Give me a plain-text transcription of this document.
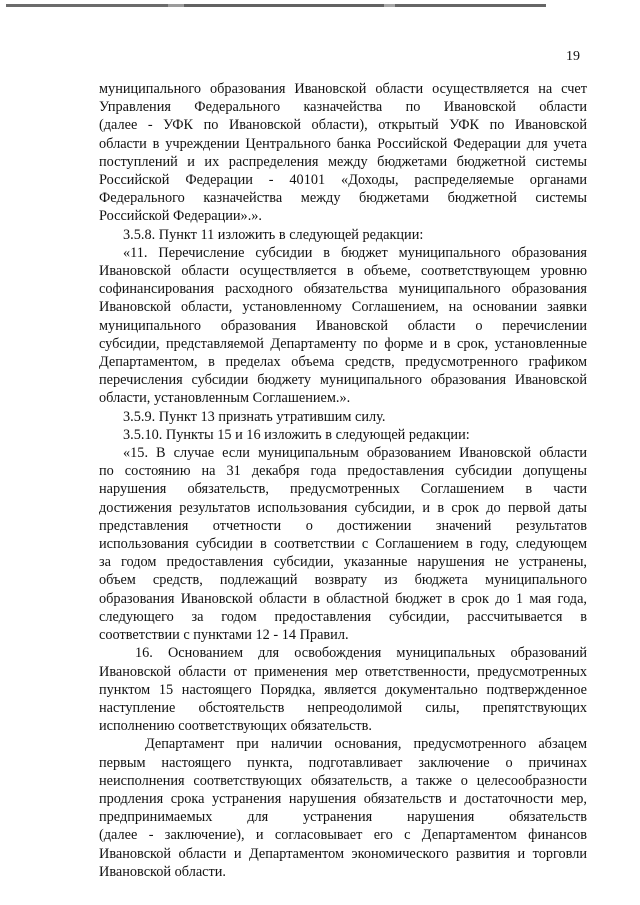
19
муниципального образования Ивановской области осуществляется на счет
Управления Федерального казначейства по Ивановской области
(далее - УФК по Ивановской области), открытый УФК по Ивановской
области в учреждении Центрального банка Российской Федерации для учета
поступлений и их распределения между бюджетами бюджетной системы
Российской Федерации - 40101 «Доходы, распределяемые органами
Федерального казначейства между бюджетами бюджетной системы
Российской Федерации».».
3.5.8. Пункт 11 изложить в следующей редакции:
«11. Перечисление субсидии в бюджет муниципального образования
Ивановской области осуществляется в объеме, соответствующем уровню
софинансирования расходного обязательства муниципального образования
Ивановской области, установленному Соглашением, на основании заявки
муниципального образования Ивановской области о перечислении
субсидии, представляемой Департаменту по форме и в срок, установленные
Департаментом, в пределах объема средств, предусмотренного графиком
перечисления субсидии бюджету муниципального образования Ивановской
области, установленным Соглашением.».
3.5.9. Пункт 13 признать утратившим силу.
3.5.10. Пункты 15 и 16 изложить в следующей редакции:
«15. В случае если муниципальным образованием Ивановской области
по состоянию на 31 декабря года предоставления субсидии допущены
нарушения обязательств, предусмотренных Соглашением в части
достижения результатов использования субсидии, и в срок до первой даты
представления отчетности о достижении значений результатов
использования субсидии в соответствии с Соглашением в году, следующем
за годом предоставления субсидии, указанные нарушения не устранены,
объем средств, подлежащий возврату из бюджета муниципального
образования Ивановской области в областной бюджет в срок до 1 мая года,
следующего за годом предоставления субсидии, рассчитывается в
соответствии с пунктами 12 - 14 Правил.
16. Основанием для освобождения муниципальных образований
Ивановской области от применения мер ответственности, предусмотренных
пунктом 15 настоящего Порядка, является документально подтвержденное
наступление обстоятельств непреодолимой силы, препятствующих
исполнению соответствующих обязательств.
Департамент при наличии основания, предусмотренного абзацем
первым настоящего пункта, подготавливает заключение о причинах
неисполнения соответствующих обязательств, а также о целесообразности
продления срока устранения нарушения обязательств и достаточности мер,
предпринимаемых для устранения нарушения обязательств
(далее - заключение), и согласовывает его с Департаментом финансов
Ивановской области и Департаментом экономического развития и торговли
Ивановской области.
